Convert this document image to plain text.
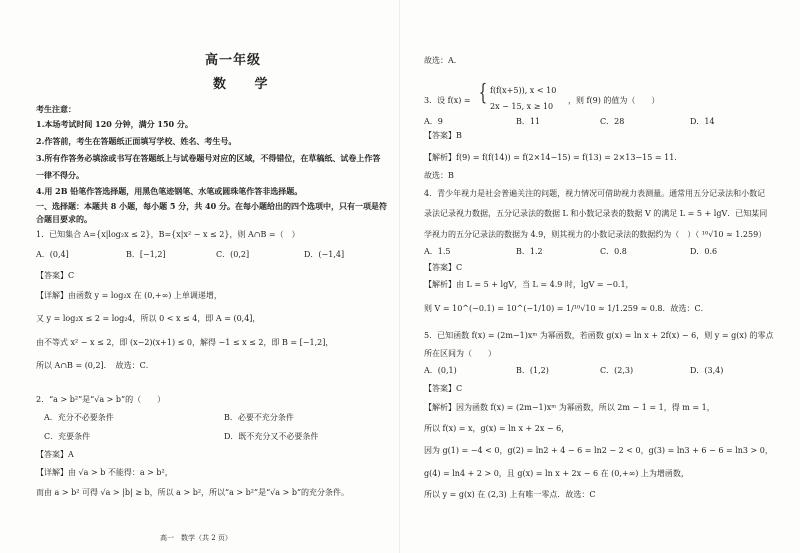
高一年级
数 学
考生注意：
1.本场考试时间 120 分钟，满分 150 分。
2.作答前，考生在答题纸正面填写学校、姓名、考生号。
3.所有作答务必填涂或书写在答题纸上与试卷题号对应的区域，不得错位，在草稿纸、试卷上作答
一律不得分。
4.用 2B 铅笔作答选择题，用黑色笔迹钢笔、水笔或圆珠笔作答非选择题。
一、选择题：本题共 8 小题，每小题 5 分，共 40 分。在每小题给出的四个选项中，只有一项是符
合题目要求的。
1．已知集合 A={x|log₂x ≤ 2}，B={x|x² − x ≤ 2}，则 A∩B =（　）
A．(0,4]	B．[−1,2]	C．(0,2]	D．(−1,4]
【答案】C
【详解】由函数 y = log₂x 在 (0,+∞) 上单调递增，
又 y = log₂x ≤ 2 = log₂4，所以 0 < x ≤ 4，即 A = (0,4]，
由不等式 x² − x ≤ 2，即 (x−2)(x+1) ≤ 0，解得 −1 ≤ x ≤ 2，即 B = [−1,2]，
所以 A∩B = (0,2]．　故选：C．
2．“a > b²”是“√a > b”的（　　）
A．充分不必要条件	B．必要不充分条件
C．充要条件	D．既不充分又不必要条件
【答案】A
【详解】由 √a > b 不能得：a > b²，
而由 a > b² 可得 √a > |b| ≥ b，所以 a > b²，所以“a > b²”是“√a > b”的充分条件。
高一　数学（共 2 页）
故选：A．
3．设 f(x) = { f(f(x+5)), x < 10
2x − 15, x ≥ 10
，则 f(9) 的值为（　　）
A．9	B．11	C．28	D．14
【答案】B
【解析】f(9) = f(f(14)) = f(2×14−15) = f(13) = 2×13−15 = 11．
故选：B
4．青少年视力是社会普遍关注的问题，视力情况可借助视力表测量。通常用五分记录法和小数记
录法记录视力数据，五分记录法的数据 L 和小数记录表的数据 V 的满足 L = 5 + lgV．已知某同
学视力的五分记录法的数据为 4.9，则其视力的小数记录法的数据约为（　）（ ¹⁰√10 ≈ 1.259）
A．1.5	B．1.2	C．0.8	D．0.6
【答案】C
【解析】由 L = 5 + lgV，当 L = 4.9 时，lgV = −0.1，
则 V = 10^(−0.1) = 10^(−1/10) = 1/¹⁰√10 ≈ 1/1.259 ≈ 0.8．故选：C．
5．已知函数 f(x) = (2m−1)xᵐ 为幂函数，若函数 g(x) = ln x + 2f(x) − 6，则 y = g(x) 的零点
所在区间为（　　）
A．(0,1)	B．(1,2)	C．(2,3)	D．(3,4)
【答案】C
【解析】因为函数 f(x) = (2m−1)xᵐ 为幂函数，所以 2m − 1 = 1，得 m = 1，
所以 f(x) = x，g(x) = ln x + 2x − 6，
因为 g(1) = −4 < 0，g(2) = ln2 + 4 − 6 = ln2 − 2 < 0，g(3) = ln3 + 6 − 6 = ln3 > 0，
g(4) = ln4 + 2 > 0，且 g(x) = ln x + 2x − 6 在 (0,+∞) 上为增函数，
所以 y = g(x) 在 (2,3) 上有唯一零点．故选：C
